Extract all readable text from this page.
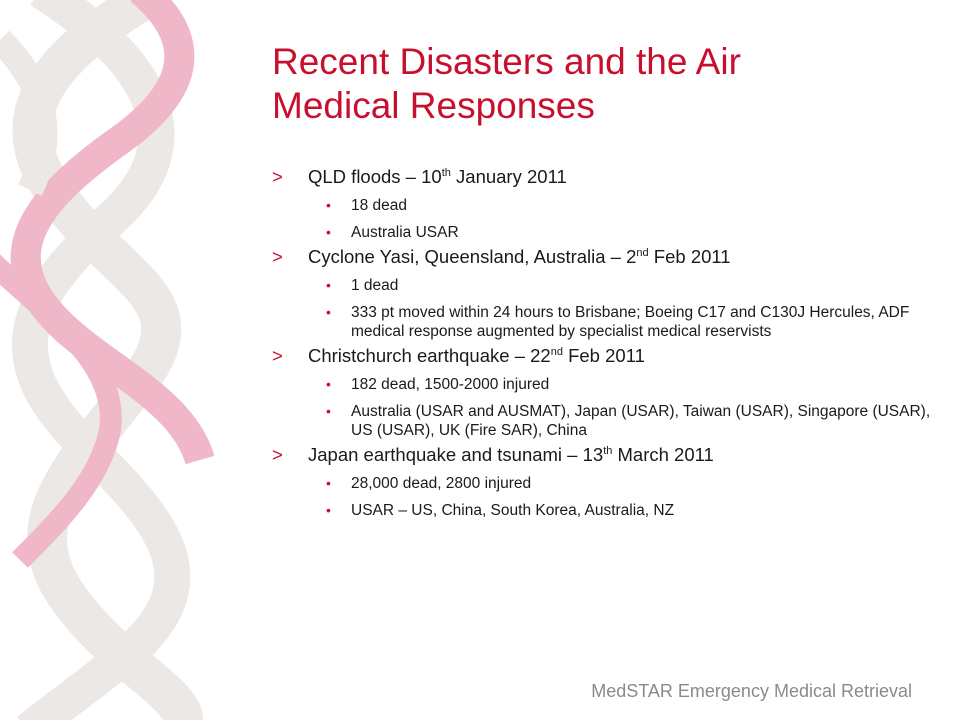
Recent Disasters and the Air
Medical Responses
> QLD floods – 10th January 2011
• 18 dead
• Australia USAR
> Cyclone Yasi, Queensland, Australia – 2nd Feb 2011
• 1 dead
• 333 pt moved within 24 hours to Brisbane; Boeing C17 and C130J Hercules, ADF medical response augmented by specialist medical reservists
> Christchurch earthquake – 22nd Feb 2011
• 182 dead, 1500-2000 injured
• Australia (USAR and AUSMAT), Japan (USAR), Taiwan (USAR), Singapore (USAR), US (USAR), UK (Fire SAR), China
> Japan earthquake and tsunami – 13th March 2011
• 28,000 dead, 2800 injured
• USAR – US, China, South Korea, Australia, NZ
MedSTAR Emergency Medical Retrieval
